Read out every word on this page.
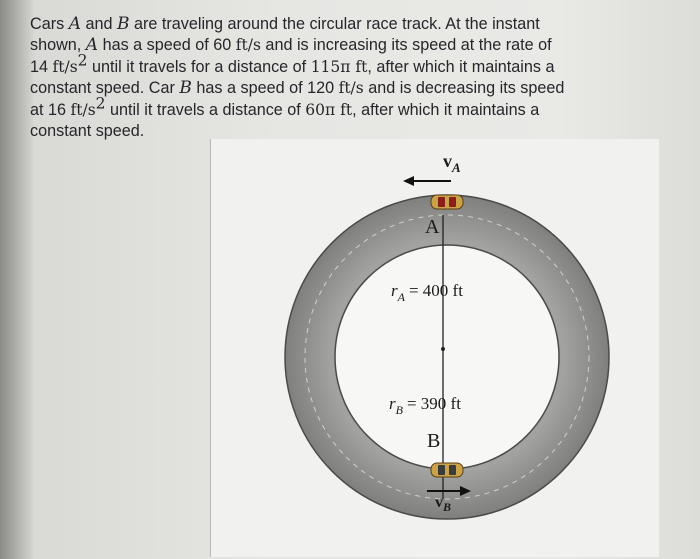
Cars A and B are traveling around the circular race track. At the instant
shown, A has a speed of 60 ft/s and is increasing its speed at the rate of
14 $ft/s^2$ until it travels for a distance of 115π ft, after which it maintains a
constant speed. Car B has a speed of 120 ft/s and is decreasing its speed
at 16 $ft/s^2$ until it travels a distance of 60π ft, after which it maintains a
constant speed.
$v_A$
A
$r_A = 400$ ft
$r_B = 390$ ft
B
$v_B$
